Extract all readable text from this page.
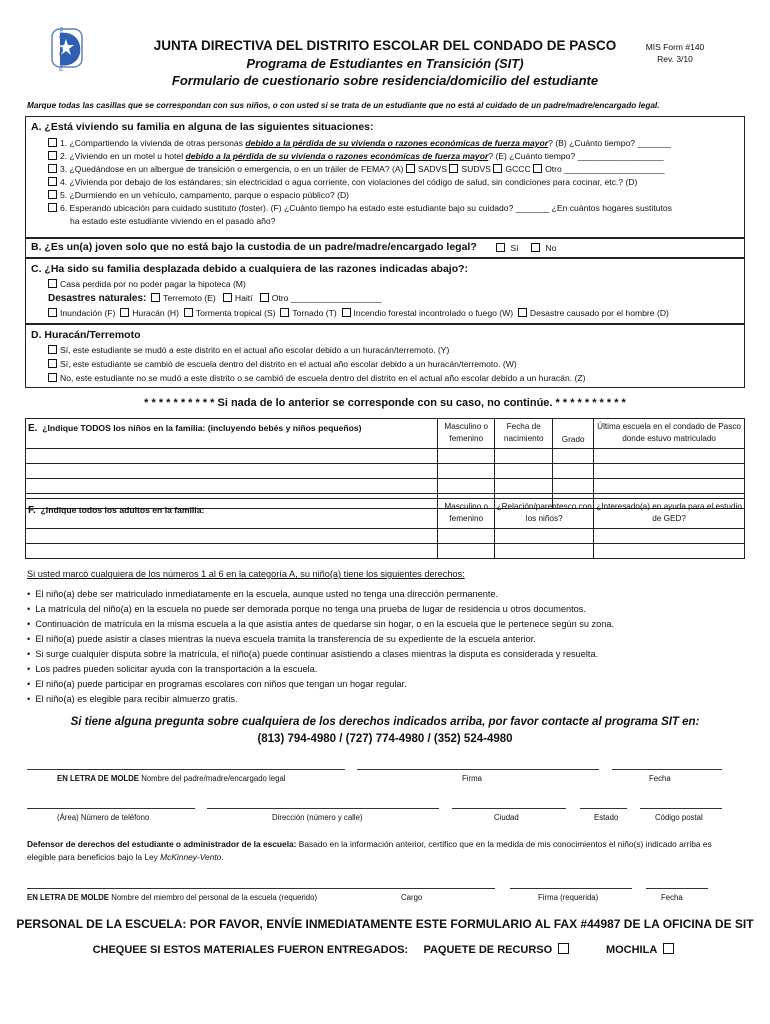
Pasco County Schools	JUNTA DIRECTIVA DEL DISTRITO ESCOLAR DEL CONDADO DE PASCO
Programa de Estudiantes en Transición (SIT)
Formulario de cuestionario sobre residencia/domicilio del estudiante
MIS Form #140
Rev. 3/10
Marque todas las casillas que se correspondan con sus niños, o con usted si se trata de un estudiante que no está al cuidado de un padre/madre/encargado legal.
A. ¿Está viviendo su familia en alguna de las siguientes situaciones:
1. ¿Compartiendo la vivienda de otras personas debido a la pérdida de su vivienda o razones económicas de fuerza mayor? (B) ¿Cuánto tiempo? _______
2. ¿Viviendo en un motel u hotel debido a la pérdida de su vivienda o razones económicas de fuerza mayor? (E) ¿Cuánto tiempo? __________________
3. ¿Quedándose en un albergue de transición o emergencia, o en un tráiler de FEMA? (A) SADVS SUDVS GCCC Otro _____________________
4. ¿Vivienda por debajo de los estándares; sin electricidad o agua corriente, con violaciones del código de salud, sin condiciones para cocinar, etc.? (D)
5. ¿Durmiendo en un vehículo, campamento, parque o espacio público? (D)
6. Esperando ubicación para cuidado sustituto (foster). (F) ¿Cuánto tiempo ha estado este estudiante bajo su cuidado? _______ ¿En cuántos hogares sustitutos
ha estado este estudiante viviendo en el pasado año?
B. ¿Es un(a) joven solo que no está bajo la custodia de un padre/madre/encargado legal?	Sí	No
C. ¿Ha sido su familia desplazada debido a cualquiera de las razones indicadas abajo?:
Casa perdida por no poder pagar la hipoteca (M)
Desastres naturales: Terremoto (E) Haití Otro ___________________
Inundación (F) Huracán (H) Tormenta tropical (S) Tornado (T) Incendio forestal incontrolado o fuego (W) Desastre causado por el hombre (D)
D. Huracán/Terremoto
Sí, este estudiante se mudó a este distrito en el actual año escolar debido a un huracán/terremoto. (Y)
Sí, este estudiante se cambió de escuela dentro del distrito en el actual año escolar debido a un huracán/terremoto. (W)
No, este estudiante no se mudó a este distrito o se cambió de escuela dentro del distrito en el actual año escolar debido a un huracán. (Z)
* * * * * * * * * * Si nada de lo anterior se corresponde con su caso, no continúe. * * * * * * * * * *
E. ¿Indique TODOS los niños en la familia: (incluyendo bebés y niños pequeños)	Masculino o femenino	Fecha de nacimiento	Grado	Última escuela en el condado de Pasco donde estuvo matriculado

F. ¿Indique todos los adultos en la familia:	Masculino o femenino	¿Relación/parentesco con los niños?	¿Interesado(a) en ayuda para el estudio de GED?

Si usted marcó cualquiera de los números 1 al 6 en la categoría A, su niño(a) tiene los siguientes derechos:
•  El niño(a) debe ser matriculado inmediatamente en la escuela, aunque usted no tenga una dirección permanente.
•  La matrícula del niño(a) en la escuela no puede ser demorada porque no tenga una prueba de lugar de residencia u otros documentos.
•  Continuación de matrícula en la misma escuela a la que asistía antes de quedarse sin hogar, o en la escuela que le pertenece según su zona.
•  El niño(a) puede asistir a clases mientras la nueva escuela tramita la transferencia de su expediente de la escuela anterior.
•  Si surge cualquier disputa sobre la matrícula, el niño(a) puede continuar asistiendo a clases mientras la disputa es considerada y resuelta.
•  Los padres pueden solicitar ayuda con la transportación a la escuela.
•  El niño(a) puede participar en programas escolares con niños que tengan un hogar regular.
•  El niño(a) es elegible para recibir almuerzo gratis.
Si tiene alguna pregunta sobre cualquiera de los derechos indicados arriba, por favor contacte al programa SIT en:
(813) 794-4980 / (727) 774-4980 / (352) 524-4980
EN LETRA DE MOLDE Nombre del padre/madre/encargado legal	Firma	Fecha
(Área) Número de teléfono	Dirección (número y calle)	Ciudad	Estado	Código postal
Defensor de derechos del estudiante o administrador de la escuela: Basado en la información anterior, certifico que en la medida de mis conocimientos el niño(s) indicado arriba es elegible para beneficios bajo la Ley McKinney-Vento.
EN LETRA DE MOLDE Nombre del miembro del personal de la escuela (requerido)	Cargo	Firma (requerida)	Fecha
PERSONAL DE LA ESCUELA: POR FAVOR, ENVÍE INMEDIATAMENTE ESTE FORMULARIO AL FAX #44987 DE LA OFICINA DE SIT
CHEQUEE SI ESTOS MATERIALES FUERON ENTREGADOS: PAQUETE DE RECURSO	MOCHILA
